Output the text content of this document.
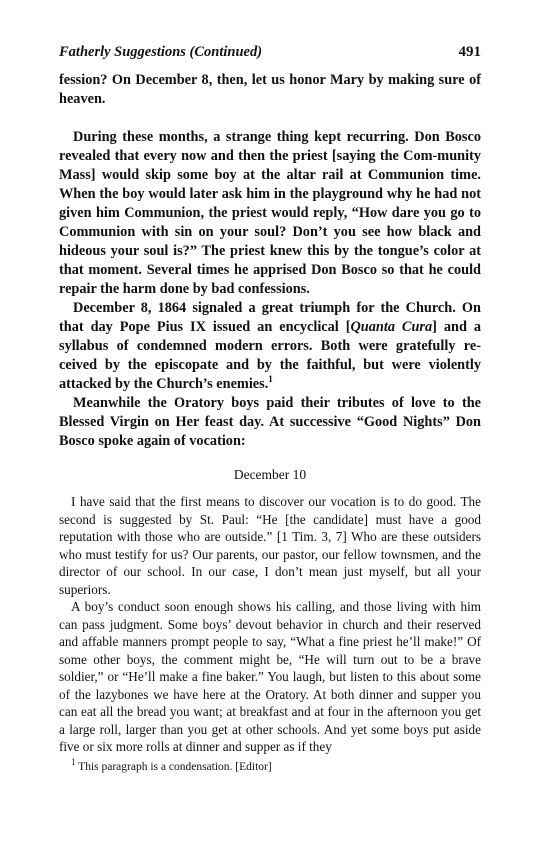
Fatherly Suggestions (Continued)	491

fession? On December 8, then, let us honor Mary by making sure of heaven.

During these months, a strange thing kept recurring. Don Bosco revealed that every now and then the priest [saying the Com-munity Mass] would skip some boy at the altar rail at Communion time. When the boy would later ask him in the playground why he had not given him Communion, the priest would reply, “How dare you go to Communion with sin on your soul? Don’t you see how black and hideous your soul is?” The priest knew this by the tongue’s color at that moment. Several times he apprised Don Bosco so that he could repair the harm done by bad confessions.

December 8, 1864 signaled a great triumph for the Church. On that day Pope Pius IX issued an encyclical [Quanta Cura] and a syllabus of condemned modern errors. Both were gratefully re-ceived by the episcopate and by the faithful, but were violently attacked by the Church’s enemies.$^1$

Meanwhile the Oratory boys paid their tributes of love to the Blessed Virgin on Her feast day. At successive “Good Nights” Don Bosco spoke again of vocation:

December 10

I have said that the first means to discover our vocation is to do good. The second is suggested by St. Paul: “He [the candidate] must have a good reputation with those who are outside.” [1 Tim. 3, 7] Who are these outsiders who must testify for us? Our parents, our pastor, our fellow townsmen, and the director of our school. In our case, I don’t mean just myself, but all your superiors.

A boy’s conduct soon enough shows his calling, and those living with him can pass judgment. Some boys’ devout behavior in church and their reserved and affable manners prompt people to say, “What a fine priest he’ll make!” Of some other boys, the comment might be, “He will turn out to be a brave soldier,” or “He’ll make a fine baker.” You laugh, but listen to this about some of the lazybones we have here at the Oratory. At both dinner and supper you can eat all the bread you want; at breakfast and at four in the afternoon you get a large roll, larger than you get at other schools. And yet some boys put aside five or six more rolls at dinner and supper as if they

$^1$ This paragraph is a condensation. [Editor]
